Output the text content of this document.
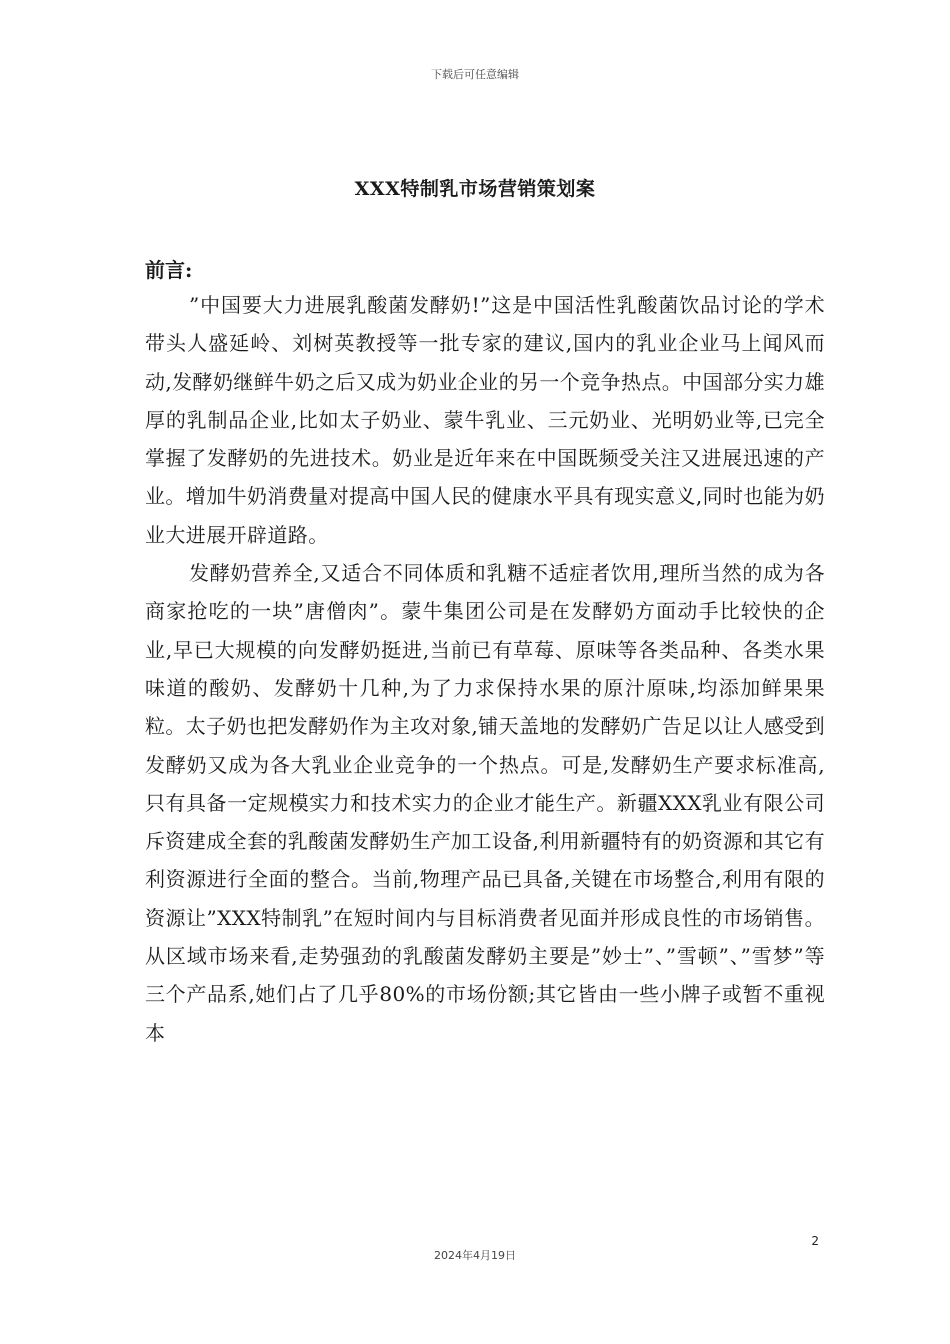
下载后可任意编辑
XXX特制乳市场营销策划案
前言:

”中国要大力进展乳酸菌发酵奶!”这是中国活性乳酸菌饮品讨论的学术带头人盛延岭、刘树英教授等一批专家的建议,国内的乳业企业马上闻风而动,发酵奶继鲜牛奶之后又成为奶业企业的另一个竞争热点。中国部分实力雄厚的乳制品企业,比如太子奶业、蒙牛乳业、三元奶业、光明奶业等,已完全掌握了发酵奶的先进技术。奶业是近年来在中国既频受关注又进展迅速的产业。增加牛奶消费量对提高中国人民的健康水平具有现实意义,同时也能为奶业大进展开辟道路。

发酵奶营养全,又适合不同体质和乳糖不适症者饮用,理所当然的成为各商家抢吃的一块”唐僧肉”。蒙牛集团公司是在发酵奶方面动手比较快的企业,早已大规模的向发酵奶挺进,当前已有草莓、原味等各类品种、各类水果味道的酸奶、发酵奶十几种,为了力求保持水果的原汁原味,均添加鲜果果粒。太子奶也把发酵奶作为主攻对象,铺天盖地的发酵奶广告足以让人感受到发酵奶又成为各大乳业企业竞争的一个热点。可是,发酵奶生产要求标准高,只有具备一定规模实力和技术实力的企业才能生产。新疆XXX乳业有限公司斥资建成全套的乳酸菌发酵奶生产加工设备,利用新疆特有的奶资源和其它有利资源进行全面的整合。当前,物理产品已具备,关键在市场整合,利用有限的资源让”XXX特制乳”在短时间内与目标消费者见面并形成良性的市场销售。从区域市场来看,走势强劲的乳酸菌发酵奶主要是”妙士”、”雪顿”、”雪梦”等三个产品系,她们占了几乎80%的市场份额;其它皆由一些小牌子或暂不重视本

2
2024年4月19日
